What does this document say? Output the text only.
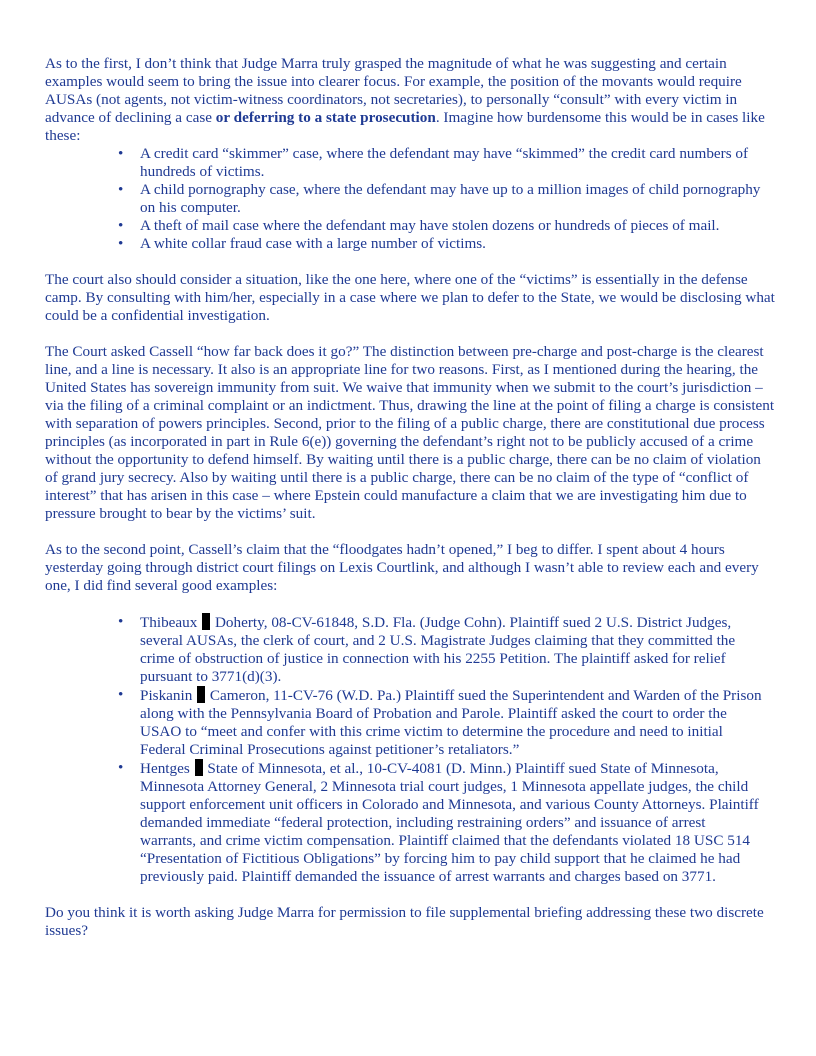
As to the first, I don’t think that Judge Marra truly grasped the magnitude of what he was suggesting and certain examples would seem to bring the issue into clearer focus. For example, the position of the movants would require AUSAs (not agents, not victim-witness coordinators, not secretaries), to personally “consult” with every victim in advance of declining a case or deferring to a state prosecution. Imagine how burdensome this would be in cases like these:

• A credit card “skimmer” case, where the defendant may have “skimmed” the credit card numbers of hundreds of victims.
• A child pornography case, where the defendant may have up to a million images of child pornography on his computer.
• A theft of mail case where the defendant may have stolen dozens or hundreds of pieces of mail.
• A white collar fraud case with a large number of victims.

The court also should consider a situation, like the one here, where one of the “victims” is essentially in the defense camp. By consulting with him/her, especially in a case where we plan to defer to the State, we would be disclosing what could be a confidential investigation.

The Court asked Cassell “how far back does it go?” The distinction between pre-charge and post-charge is the clearest line, and a line is necessary. It also is an appropriate line for two reasons. First, as I mentioned during the hearing, the United States has sovereign immunity from suit. We waive that immunity when we submit to the court’s jurisdiction – via the filing of a criminal complaint or an indictment. Thus, drawing the line at the point of filing a charge is consistent with separation of powers principles. Second, prior to the filing of a public charge, there are constitutional due process principles (as incorporated in part in Rule 6(e)) governing the defendant’s right not to be publicly accused of a crime without the opportunity to defend himself. By waiting until there is a public charge, there can be no claim of violation of grand jury secrecy. Also by waiting until there is a public charge, there can be no claim of the type of “conflict of interest” that has arisen in this case – where Epstein could manufacture a claim that we are investigating him due to pressure brought to bear by the victims’ suit.

As to the second point, Cassell’s claim that the “floodgates hadn’t opened,” I beg to differ. I spent about 4 hours yesterday going through district court filings on Lexis Courtlink, and although I wasn’t able to review each and every one, I did find several good examples:

• Thibeaux  Doherty, 08-CV-61848, S.D. Fla. (Judge Cohn). Plaintiff sued 2 U.S. District Judges, several AUSAs, the clerk of court, and 2 U.S. Magistrate Judges claiming that they committed the crime of obstruction of justice in connection with his 2255 Petition. The plaintiff asked for relief pursuant to 3771(d)(3).
• Piskanin  Cameron, 11-CV-76 (W.D. Pa.) Plaintiff sued the Superintendent and Warden of the Prison along with the Pennsylvania Board of Probation and Parole. Plaintiff asked the court to order the USAO to “meet and confer with this crime victim to determine the procedure and need to initial Federal Criminal Prosecutions against petitioner’s retaliators.”
• Hentges  State of Minnesota, et al., 10-CV-4081 (D. Minn.) Plaintiff sued State of Minnesota, Minnesota Attorney General, 2 Minnesota trial court judges, 1 Minnesota appellate judges, the child support enforcement unit officers in Colorado and Minnesota, and various County Attorneys. Plaintiff demanded immediate “federal protection, including restraining orders” and issuance of arrest warrants, and crime victim compensation. Plaintiff claimed that the defendants violated 18 USC 514 “Presentation of Fictitious Obligations” by forcing him to pay child support that he claimed he had previously paid. Plaintiff demanded the issuance of arrest warrants and charges based on 3771.

Do you think it is worth asking Judge Marra for permission to file supplemental briefing addressing these two discrete issues?
